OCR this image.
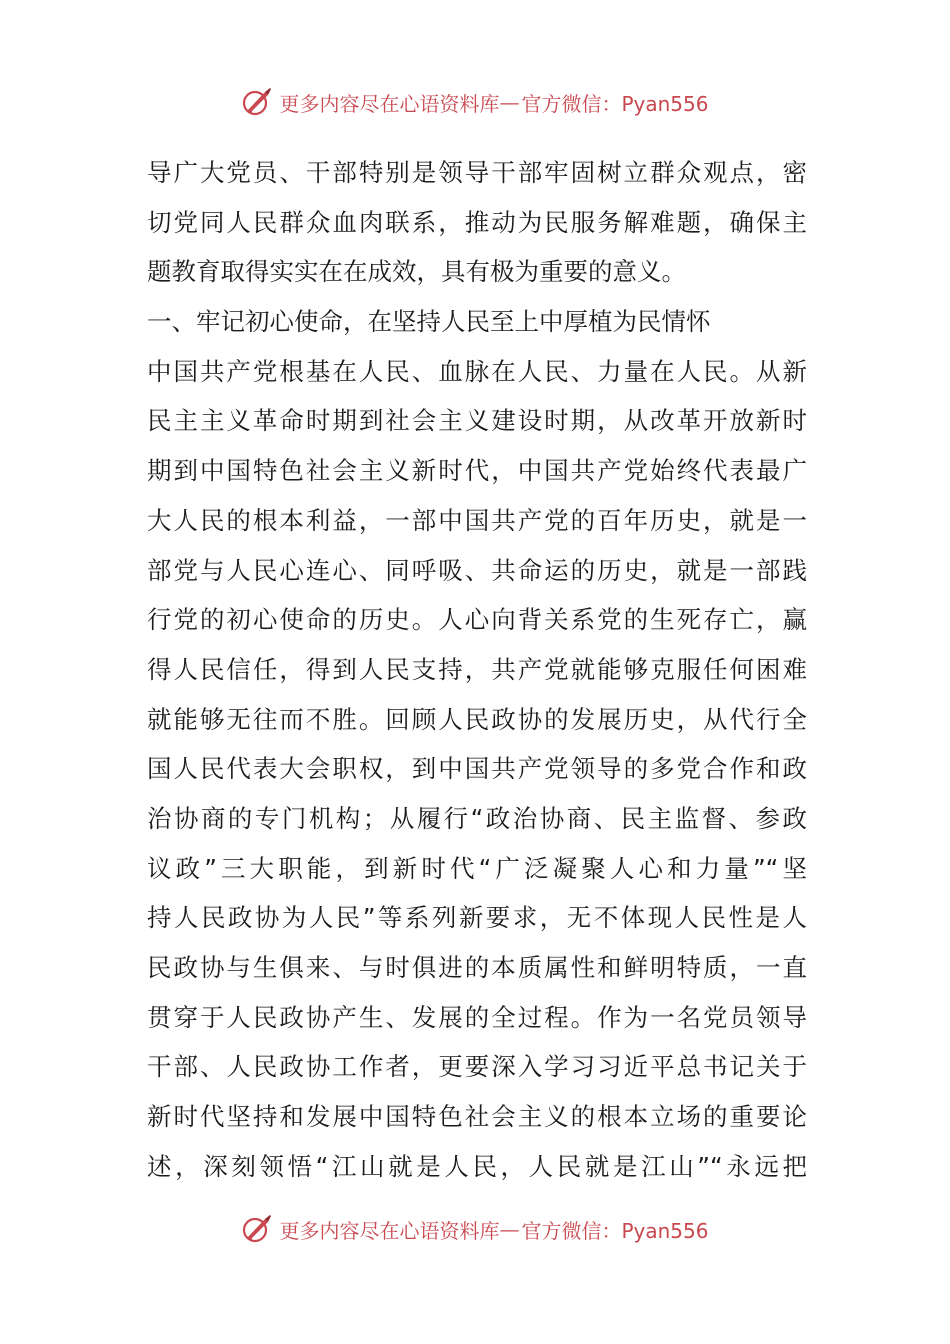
更多内容尽在心语资料库 — 官方微信：Pyan556
导广大党员、干部特别是领导干部牢固树立群众观点，密
切党同人民群众血肉联系，推动为民服务解难题，确保主
题教育取得实实在在成效，具有极为重要的意义。
一、牢记初心使命，在坚持人民至上中厚植为民情怀
中国共产党根基在人民、血脉在人民、力量在人民。从新
民主主义革命时期到社会主义建设时期，从改革开放新时
期到中国特色社会主义新时代，中国共产党始终代表最广
大人民的根本利益，一部中国共产党的百年历史，就是一
部党与人民心连心、同呼吸、共命运的历史，就是一部践
行党的初心使命的历史。人心向背关系党的生死存亡，赢
得人民信任，得到人民支持，共产党就能够克服任何困难
就能够无往而不胜。回顾人民政协的发展历史，从代行全
国人民代表大会职权，到中国共产党领导的多党合作和政
治协商的专门机构；从履行“政治协商、民主监督、参政
议政”三大职能，到新时代“广泛凝聚人心和力量”“坚
持人民政协为人民”等系列新要求，无不体现人民性是人
民政协与生俱来、与时俱进的本质属性和鲜明特质，一直
贯穿于人民政协产生、发展的全过程。作为一名党员领导
干部、人民政协工作者，更要深入学习习近平总书记关于
新时代坚持和发展中国特色社会主义的根本立场的重要论
述，深刻领悟“江山就是人民，人民就是江山”“永远把
更多内容尽在心语资料库 — 官方微信：Pyan556
